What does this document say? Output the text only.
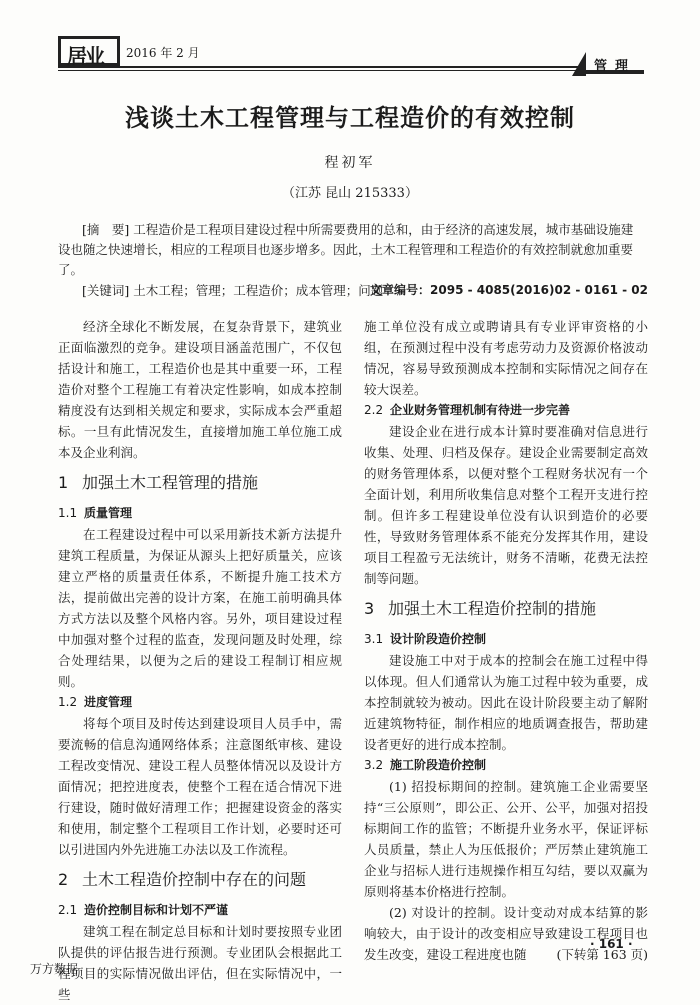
居业 2016 年 2 月
管理
浅谈土木工程管理与工程造价的有效控制
程初军
（江苏 昆山 215333）
[摘　要] 工程造价是工程项目建设过程中所需要费用的总和，由于经济的高速发展，城市基础设施建设也随之快速增长，相应的工程项目也逐步增多。因此，土木工程管理和工程造价的有效控制就愈加重要了。
[关键词] 土木工程；管理；工程造价；成本管理；问题
文章编号：2095 - 4085(2016)02 - 0161 - 02

经济全球化不断发展，在复杂背景下，建筑业正面临激烈的竞争。建设项目涵盖范围广，不仅包括设计和施工，工程造价也是其中重要一环，工程造价对整个工程施工有着决定性影响，如成本控制精度没有达到相关规定和要求，实际成本会严重超标。一旦有此情况发生，直接增加施工单位施工成本及企业利润。

1 加强土木工程管理的措施
1.1 质量管理

在工程建设过程中可以采用新技术新方法提升建筑工程质量，为保证从源头上把好质量关，应该建立严格的质量责任体系，不断提升施工技术方法，提前做出完善的设计方案，在施工前明确具体方式方法以及整个风格内容。另外，项目建设过程中加强对整个过程的监查，发现问题及时处理，综合处理结果，以便为之后的建设工程制订相应规则。

1.2 进度管理

将每个项目及时传达到建设项目人员手中，需要流畅的信息沟通网络体系；注意图纸审核、建设工程改变情况、建设工程人员整体情况以及设计方面情况；把控进度表，使整个工程在适合情况下进行建设，随时做好清理工作；把握建设资金的落实和使用，制定整个工程项目工作计划，必要时还可以引进国内外先进施工办法以及工作流程。

2 土木工程造价控制中存在的问题
2.1 造价控制目标和计划不严谨

建筑工程在制定总目标和计划时要按照专业团队提供的评估报告进行预测。专业团队会根据此工程项目的实际情况做出评估，但在实际情况中，一些

施工单位没有成立或聘请具有专业评审资格的小组，在预测过程中没有考虑劳动力及资源价格波动情况，容易导致预测成本控制和实际情况之间存在较大误差。

2.2 企业财务管理机制有待进一步完善

建设企业在进行成本计算时要准确对信息进行收集、处理、归档及保存。建设企业需要制定高效的财务管理体系，以便对整个工程财务状况有一个全面计划，利用所收集信息对整个工程开支进行控制。但许多工程建设单位没有认识到造价的必要性，导致财务管理体系不能充分发挥其作用，建设项目工程盈亏无法统计，财务不清晰，花费无法控制等问题。

3 加强土木工程造价控制的措施
3.1 设计阶段造价控制

建设施工中对于成本的控制会在施工过程中得以体现。但人们通常认为施工过程中较为重要，成本控制就较为被动。因此在设计阶段要主动了解附近建筑物特征，制作相应的地质调查报告，帮助建设者更好的进行成本控制。

3.2 施工阶段造价控制

(1) 招投标期间的控制。建筑施工企业需要坚持“三公原则”，即公正、公开、公平，加强对招投标期间工作的监管；不断提升业务水平，保证评标人员质量，禁止人为压低报价；严厉禁止建筑施工企业与招标人进行违规操作相互勾结，要以双赢为原则将基本价格进行控制。

(2) 对设计的控制。设计变动对成本结算的影响较大，由于设计的改变相应导致建设工程项目也发生改变，建设工程进度也随	(下转第 163 页)

· 161 ·
万方数据
